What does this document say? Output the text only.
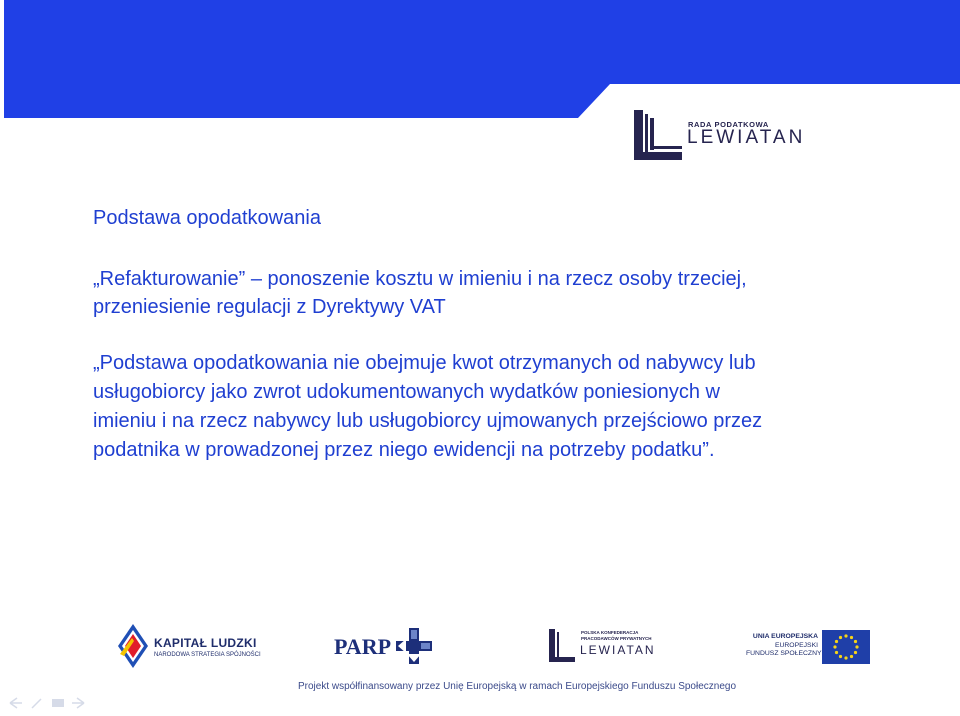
RADA PODATKOWA
LEWIATAN

Podstawa opodatkowania

„Refakturowanie” – ponoszenie kosztu w imieniu i na rzecz osoby trzeciej,
przeniesienie regulacji z Dyrektywy VAT

„Podstawa opodatkowania nie obejmuje kwot otrzymanych od nabywcy lub
usługobiorcy jako zwrot udokumentowanych wydatków poniesionych w
imieniu i na rzecz nabywcy lub usługobiorcy ujmowanych przejściowo przez
podatnika w prowadzonej przez niego ewidencji na potrzeby podatku”.

KAPITAŁ LUDZKI
NARODOWA STRATEGIA SPÓJNOŚCI	PARP
POLSKA KONFEDERACJA
PRACODAWCÓW PRYWATNYCH
LEWIATAN
UNIA EUROPEJSKA
EUROPEJSKI
FUNDUSZ SPOŁECZNY
Projekt współfinansowany przez Unię Europejską w ramach Europejskiego Funduszu Społecznego
